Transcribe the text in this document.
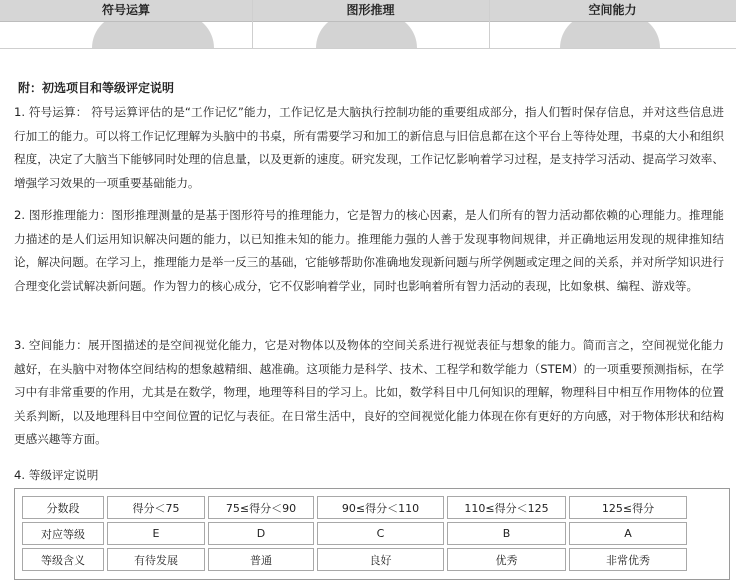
符号运算	图形推理	空间能力
附：初选项目和等级评定说明
1. 符号运算： 符号运算评估的是“工作记忆”能力，工作记忆是大脑执行控制功能的重要组成部分，指人们暂时保存信息，并对这些信息进行加工的能力。可以将工作记忆理解为头脑中的书桌，所有需要学习和加工的新信息与旧信息都在这个平台上等待处理，书桌的大小和组织程度，决定了大脑当下能够同时处理的信息量，以及更新的速度。研究发现，工作记忆影响着学习过程，是支持学习活动、提高学习效率、增强学习效果的一项重要基础能力。
2. 图形推理能力：图形推理测量的是基于图形符号的推理能力，它是智力的核心因素，是人们所有的智力活动都依赖的心理能力。推理能力描述的是人们运用知识解决问题的能力，以已知推未知的能力。推理能力强的人善于发现事物间规律，并正确地运用发现的规律推知结论，解决问题。在学习上，推理能力是举一反三的基础，它能够帮助你准确地发现新问题与所学例题或定理之间的关系，并对所学知识进行合理变化尝试解决新问题。作为智力的核心成分，它不仅影响着学业，同时也影响着所有智力活动的表现，比如象棋、编程、游戏等。
3. 空间能力：展开图描述的是空间视觉化能力，它是对物体以及物体的空间关系进行视觉表征与想象的能力。简而言之，空间视觉化能力越好，在头脑中对物体空间结构的想象越精细、越准确。这项能力是科学、技术、工程学和数学能力（STEM）的一项重要预测指标，在学习中有非常重要的作用，尤其是在数学，物理，地理等科目的学习上。比如，数学科目中几何知识的理解，物理科目中相互作用物体的位置关系判断，以及地理科目中空间位置的记忆与表征。在日常生活中，良好的空间视觉化能力体现在你有更好的方向感，对于物体形状和结构更感兴趣等方面。
4. 等级评定说明
分数段	得分＜75	75≤得分＜90	90≤得分＜110	110≤得分＜125	125≤得分
对应等级	E	D	C	B	A
等级含义	有待发展	普通	良好	优秀	非常优秀
